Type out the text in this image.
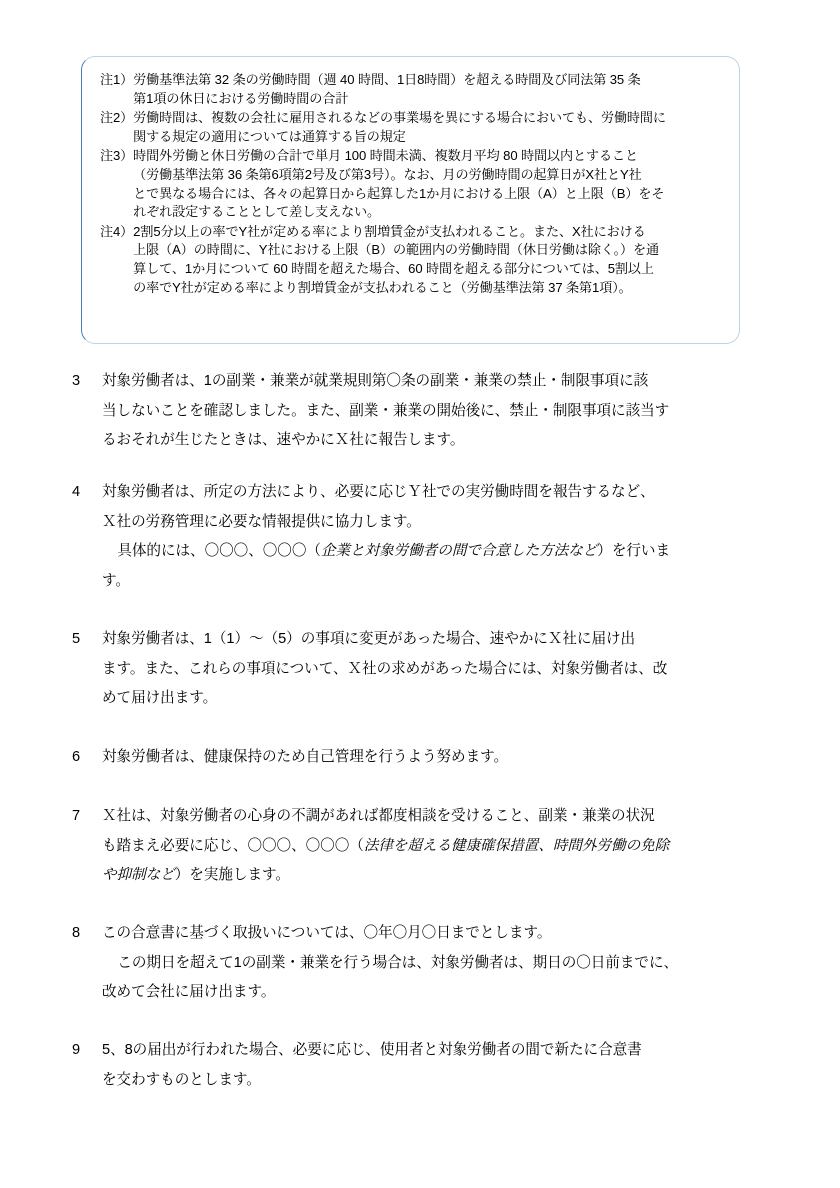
注1） 労働基準法第 32 条の労働時間（週 40 時間、1日8時間）を超える時間及び同法第 35 条
第1項の休日における労働時間の合計
注2） 労働時間は、複数の会社に雇用されるなどの事業場を異にする場合においても、労働時間に
関する規定の適用については通算する旨の規定
注3） 時間外労働と休日労働の合計で単月 100 時間未満、複数月平均 80 時間以内とすること
（労働基準法第 36 条第6項第2号及び第3号）。なお、月の労働時間の起算日がX社とY社
とで異なる場合には、各々の起算日から起算した1か月における上限（A）と上限（B）をそ
れぞれ設定することとして差し支えない。
注4） 2割5分以上の率でY社が定める率により割増賃金が支払われること。また、X社における
上限（A）の時間に、Y社における上限（B）の範囲内の労働時間（休日労働は除く。）を通
算して、1か月について 60 時間を超えた場合、60 時間を超える部分については、5割以上
の率でY社が定める率により割増賃金が支払われること（労働基準法第 37 条第1項）。
3	対象労働者は、1の副業・兼業が就業規則第〇条の副業・兼業の禁止・制限事項に該
当しないことを確認しました。また、副業・兼業の開始後に、禁止・制限事項に該当す
るおそれが生じたときは、速やかにＸ社に報告します。
4	対象労働者は、所定の方法により、必要に応じＹ社での実労働時間を報告するなど、
Ｘ社の労務管理に必要な情報提供に協力します。
具体的には、〇〇〇、〇〇〇（企業と対象労働者の間で合意した方法など）を行いま
す。
5	対象労働者は、1（1）～（5）の事項に変更があった場合、速やかにＸ社に届け出
ます。また、これらの事項について、Ｘ社の求めがあった場合には、対象労働者は、改
めて届け出ます。
6	対象労働者は、健康保持のため自己管理を行うよう努めます。
7	Ｘ社は、対象労働者の心身の不調があれば都度相談を受けること、副業・兼業の状況
も踏まえ必要に応じ、〇〇〇、〇〇〇（法律を超える健康確保措置、時間外労働の免除
や抑制など）を実施します。
8	この合意書に基づく取扱いについては、〇年〇月〇日までとします。
この期日を超えて1の副業・兼業を行う場合は、対象労働者は、期日の〇日前までに、
改めて会社に届け出ます。
9	5、8の届出が行われた場合、必要に応じ、使用者と対象労働者の間で新たに合意書
を交わすものとします。
